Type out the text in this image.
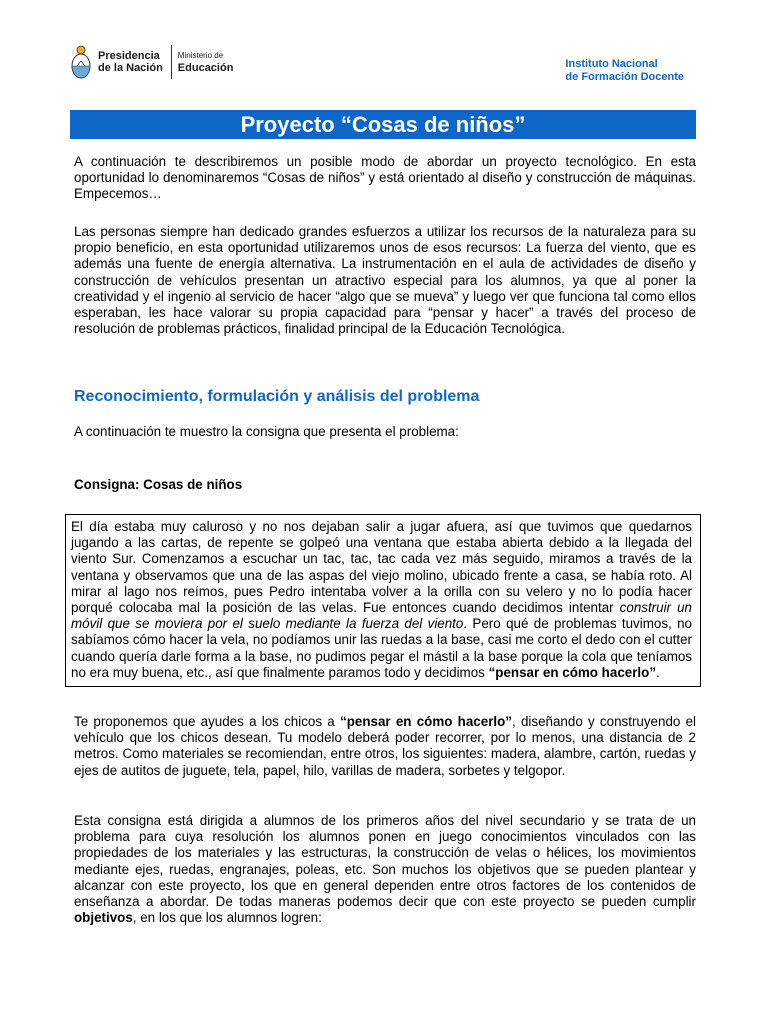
Presidencia
de la Nación
Ministerio de
Educación	Instituto Nacional
de Formación Docente
Proyecto “Cosas de niños”

A continuación te describiremos un posible modo de abordar un proyecto tecnológico. En esta oportunidad lo denominaremos “Cosas de niños” y está orientado al diseño y construcción de máquinas. Empecemos…

Las personas siempre han dedicado grandes esfuerzos a utilizar los recursos de la naturaleza para su propio beneficio, en esta oportunidad utilizaremos unos de esos recursos: La fuerza del viento, que es además una fuente de energía alternativa. La instrumentación en el aula de actividades de diseño y construcción de vehículos presentan un atractivo especial para los alumnos, ya que al poner la creatividad y el ingenio al servicio de hacer “algo que se mueva” y luego ver que funciona tal como ellos esperaban, les hace valorar su propia capacidad para “pensar y hacer” a través del proceso de resolución de problemas prácticos, finalidad principal de la Educación Tecnológica.

Reconocimiento, formulación y análisis del problema

A continuación te muestro la consigna que presenta el problema:

Consigna: Cosas de niños

El día estaba muy caluroso y no nos dejaban salir a jugar afuera, así que tuvimos que quedarnos jugando a las cartas, de repente se golpeó una ventana que estaba abierta debido a la llegada del viento Sur. Comenzamos a escuchar un tac, tac, tac cada vez más seguido, miramos a través de la ventana y observamos que una de las aspas del viejo molino, ubicado frente a casa, se había roto. Al mirar al lago nos reímos, pues Pedro intentaba volver a la orilla con su velero y no lo podía hacer porqué colocaba mal la posición de las velas. Fue entonces cuando decidimos intentar construir un móvil que se moviera por el suelo mediante la fuerza del viento. Pero qué de problemas tuvimos, no sabíamos cómo hacer la vela, no podíamos unir las ruedas a la base, casi me corto el dedo con el cutter cuando quería darle forma a la base, no pudimos pegar el mástil a la base porque la cola que teníamos no era muy buena, etc., así que finalmente paramos todo y decidimos “pensar en cómo hacerlo”.

Te proponemos que ayudes a los chicos a “pensar en cómo hacerlo”, diseñando y construyendo el vehículo que los chicos desean. Tu modelo deberá poder recorrer, por lo menos, una distancia de 2 metros. Como materiales se recomiendan, entre otros, los siguientes: madera, alambre, cartón, ruedas y ejes de autitos de juguete, tela, papel, hilo, varillas de madera, sorbetes y telgopor.

Esta consigna está dirigida a alumnos de los primeros años del nivel secundario y se trata de un problema para cuya resolución los alumnos ponen en juego conocimientos vinculados con las propiedades de los materiales y las estructuras, la construcción de velas o hélices, los movimientos mediante ejes, ruedas, engranajes, poleas, etc. Son muchos los objetivos que se pueden plantear y alcanzar con este proyecto, los que en general dependen entre otros factores de los contenidos de enseñanza a abordar. De todas maneras podemos decir que con este proyecto se pueden cumplir objetivos, en los que los alumnos logren:
